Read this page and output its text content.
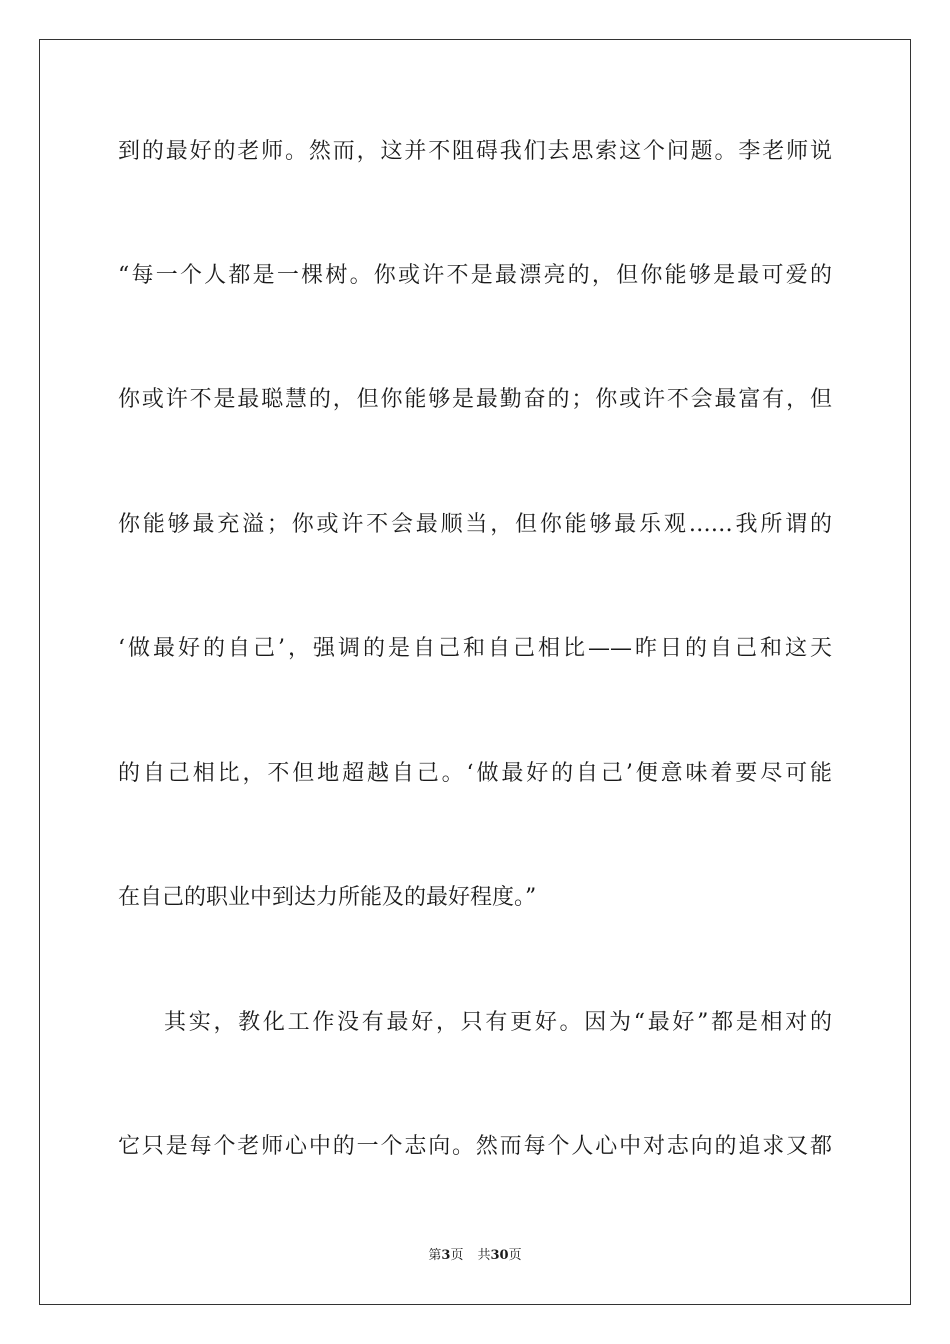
到的最好的老师。然而，这并不阻碍我们去思索这个问题。李老师说
“每一个人都是一棵树。你或许不是最漂亮的，但你能够是最可爱的
你或许不是最聪慧的，但你能够是最勤奋的；你或许不会最富有，但
你能够最充溢；你或许不会最顺当，但你能够最乐观……我所谓的
‘做最好的自己’，强调的是自己和自己相比——昨日的自己和这天
的自己相比，不但地超越自己。‘做最好的自己’便意味着要尽可能
在自己的职业中到达力所能及的最好程度。”
其实，教化工作没有最好，只有更好。因为“最好”都是相对的
它只是每个老师心中的一个志向。然而每个人心中对志向的追求又都
第3页 共30页
